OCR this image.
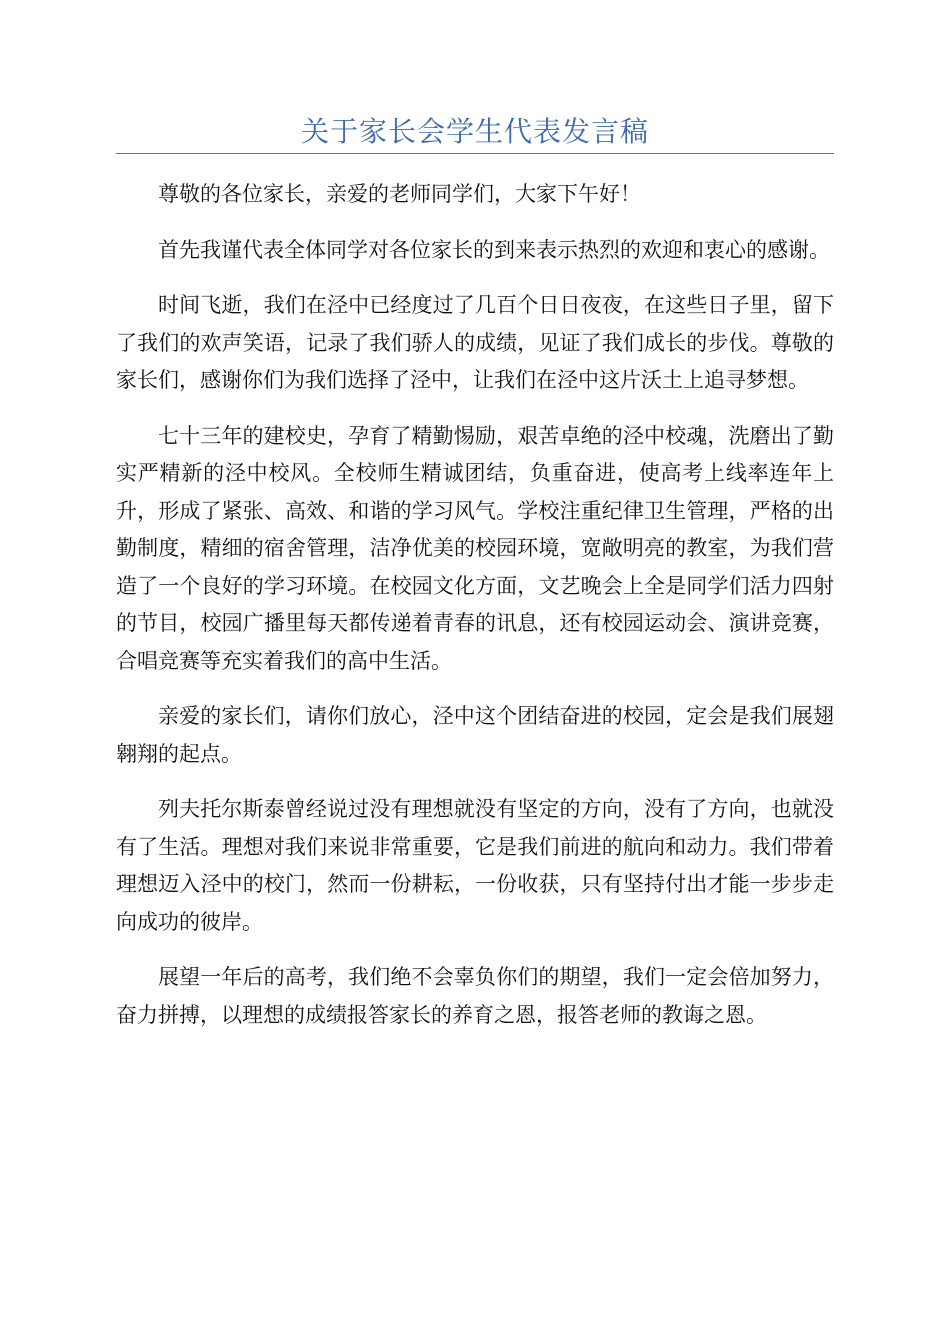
关于家长会学生代表发言稿

尊敬的各位家长，亲爱的老师同学们，大家下午好！

首先我谨代表全体同学对各位家长的到来表示热烈的欢迎和衷心的感谢。

时间飞逝，我们在泾中已经度过了几百个日日夜夜，在这些日子里，留下了我们的欢声笑语，记录了我们骄人的成绩，见证了我们成长的步伐。尊敬的家长们，感谢你们为我们选择了泾中，让我们在泾中这片沃土上追寻梦想。

七十三年的建校史，孕育了精勤惕励，艰苦卓绝的泾中校魂，洗磨出了勤实严精新的泾中校风。全校师生精诚团结，负重奋进，使高考上线率连年上升，形成了紧张、高效、和谐的学习风气。学校注重纪律卫生管理，严格的出勤制度，精细的宿舍管理，洁净优美的校园环境，宽敞明亮的教室，为我们营造了一个良好的学习环境。在校园文化方面，文艺晚会上全是同学们活力四射的节目，校园广播里每天都传递着青春的讯息，还有校园运动会、演讲竞赛，合唱竞赛等充实着我们的高中生活。

亲爱的家长们，请你们放心，泾中这个团结奋进的校园，定会是我们展翅翱翔的起点。

列夫托尔斯泰曾经说过没有理想就没有坚定的方向，没有了方向，也就没有了生活。理想对我们来说非常重要，它是我们前进的航向和动力。我们带着理想迈入泾中的校门，然而一份耕耘，一份收获，只有坚持付出才能一步步走向成功的彼岸。

展望一年后的高考，我们绝不会辜负你们的期望，我们一定会倍加努力，奋力拼搏，以理想的成绩报答家长的养育之恩，报答老师的教诲之恩。
